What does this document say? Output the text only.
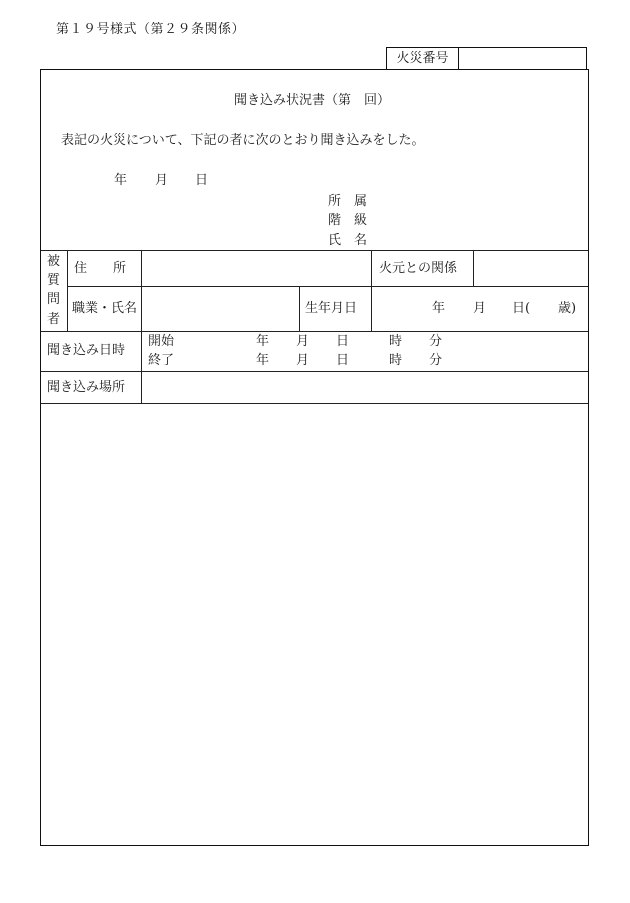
第１９号様式（第２９条関係）
火災番号
聞き込み状況書（第　回）
表記の火災について、下記の者に次のとおり聞き込みをした。
年 月 日
所　属
階　級
氏　名
被
質
問
者
住　　所	火元との関係
職業・氏名	生年月日	年 月 日( 歳)
聞き込み日時
開始	年 月 日	時 分
終了	年 月 日	時 分
聞き込み場所
